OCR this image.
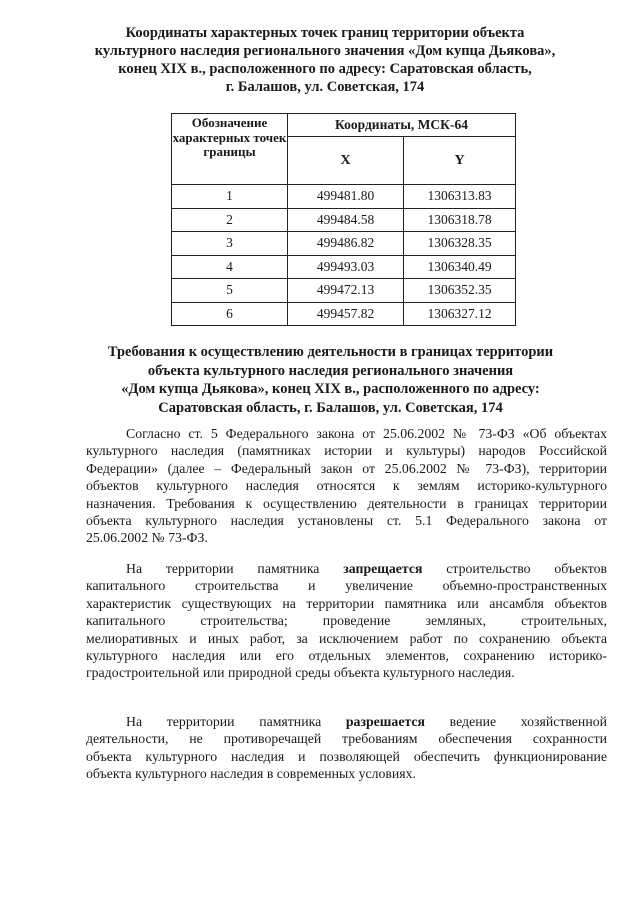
Координаты характерных точек границ территории объекта
культурного наследия регионального значения «Дом купца Дьякова»,
конец XIX в., расположенного по адресу: Саратовская область,
г. Балашов, ул. Советская, 174
Обозначение характерных точек границы	Координаты, МСК-64	
	X	Y
1	499481.80	1306313.83
2	499484.58	1306318.78
3	499486.82	1306328.35
4	499493.03	1306340.49
5	499472.13	1306352.35
6	499457.82	1306327.12
Требования к осуществлению деятельности в границах территории
объекта культурного наследия регионального значения
«Дом купца Дьякова», конец XIX в., расположенного по адресу:
Саратовская область, г. Балашов, ул. Советская, 174
Согласно ст. 5 Федерального закона от 25.06.2002 № 73-ФЗ «Об объектах
культурного наследия (памятниках истории и культуры) народов Российской
Федерации» (далее – Федеральный закон от 25.06.2002 № 73-ФЗ), территории
объектов культурного наследия относятся к землям историко-культурного
назначения. Требования к осуществлению деятельности в границах территории
объекта культурного наследия установлены ст. 5.1 Федерального закона от
25.06.2002 № 73-ФЗ.
На территории памятника запрещается строительство объектов
капитального строительства и увеличение объемно-пространственных
характеристик существующих на территории памятника или ансамбля объектов
капитального строительства; проведение земляных, строительных,
мелиоративных и иных работ, за исключением работ по сохранению объекта
культурного наследия или его отдельных элементов, сохранению историко-
градостроительной или природной среды объекта культурного наследия.
На территории памятника разрешается ведение хозяйственной
деятельности, не противоречащей требованиям обеспечения сохранности
объекта культурного наследия и позволяющей обеспечить функционирование
объекта культурного наследия в современных условиях.
